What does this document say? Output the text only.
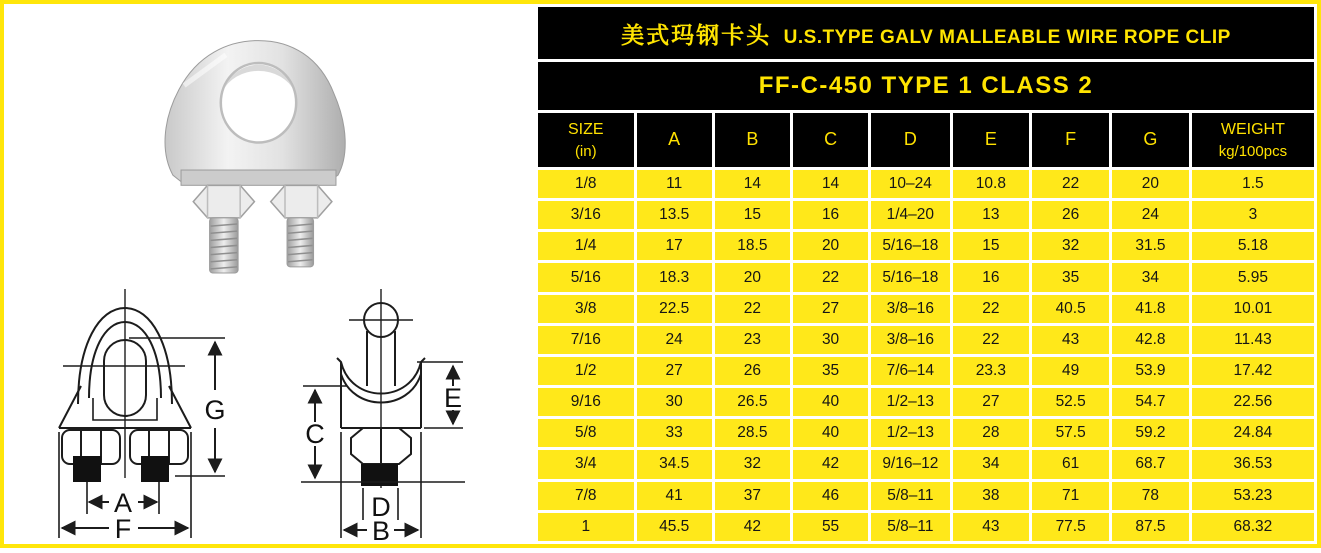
A
F
G	E
C
D
B
美式玛钢卡头 U.S.TYPE GALV MALLEABLE WIRE ROPE CLIP								
FF-C-450 TYPE 1 CLASS 2								
SIZE
(in)	A	B	C	D	E	F	G	WEIGHT
kg/100pcs
1/8	11	14	14	10–24	10.8	22	20	1.5
3/16	13.5	15	16	1/4–20	13	26	24	3
1/4	17	18.5	20	5/16–18	15	32	31.5	5.18
5/16	18.3	20	22	5/16–18	16	35	34	5.95
3/8	22.5	22	27	3/8–16	22	40.5	41.8	10.01
7/16	24	23	30	3/8–16	22	43	42.8	11.43
1/2	27	26	35	7/6–14	23.3	49	53.9	17.42
9/16	30	26.5	40	1/2–13	27	52.5	54.7	22.56
5/8	33	28.5	40	1/2–13	28	57.5	59.2	24.84
3/4	34.5	32	42	9/16–12	34	61	68.7	36.53
7/8	41	37	46	5/8–11	38	71	78	53.23
1	45.5	42	55	5/8–11	43	77.5	87.5	68.32
